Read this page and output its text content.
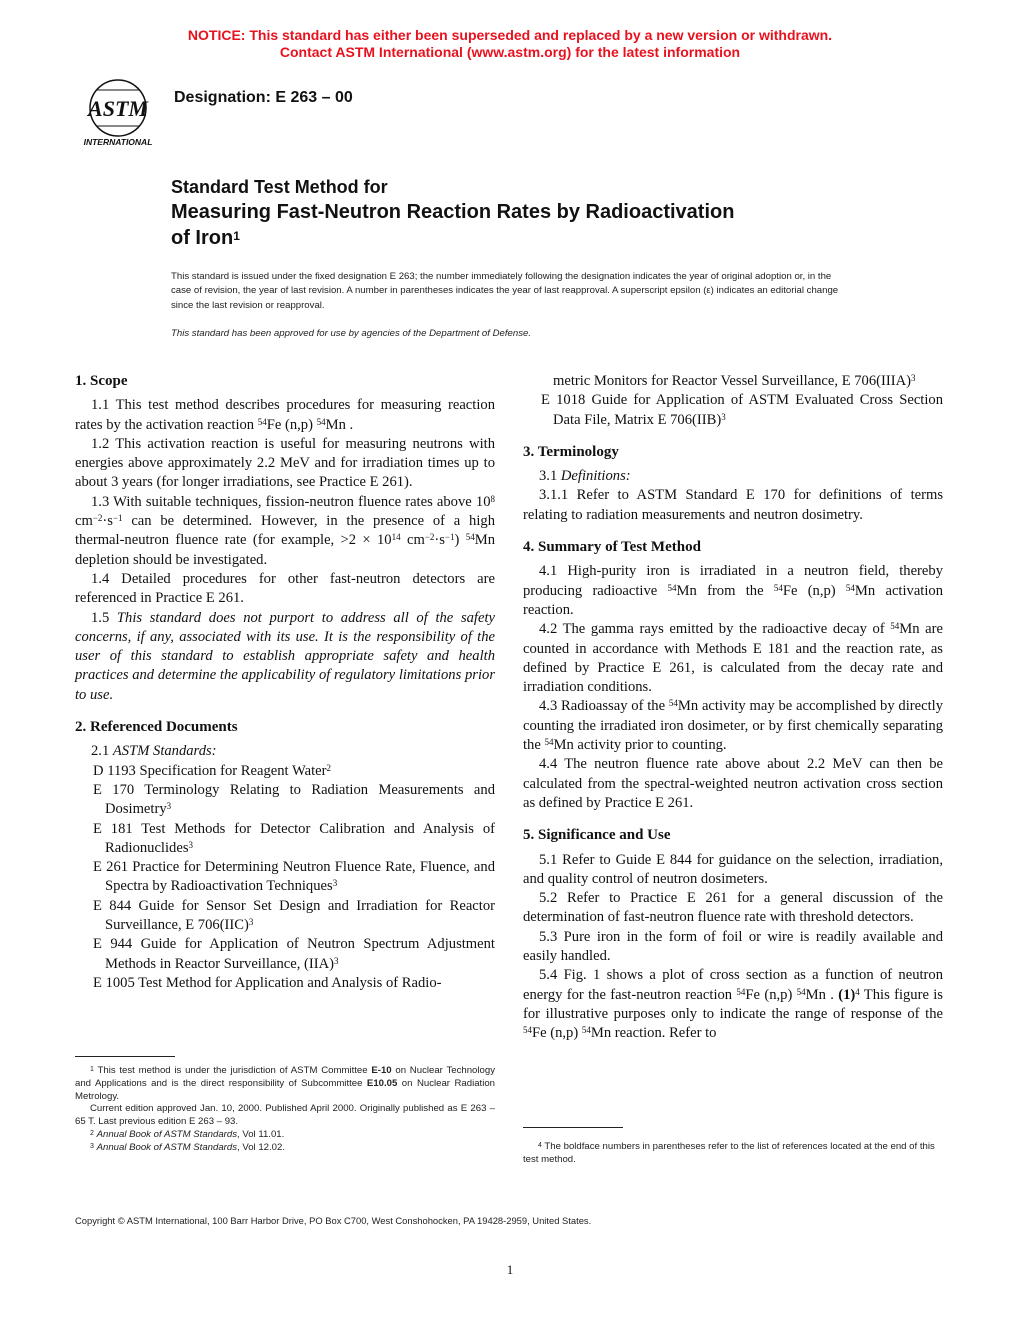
NOTICE: This standard has either been superseded and replaced by a new version or withdrawn.
Contact ASTM International (www.astm.org) for the latest information
ASTM
INTERNATIONAL
Designation: E 263 – 00
Standard Test Method for
Measuring Fast-Neutron Reaction Rates by Radioactivation
of Iron$^1$
This standard is issued under the fixed designation E 263; the number immediately following the designation indicates the year of original adoption or, in the case of revision, the year of last revision. A number in parentheses indicates the year of last reapproval. A superscript epsilon (ε) indicates an editorial change since the last revision or reapproval.
This standard has been approved for use by agencies of the Department of Defense.
1. Scope
1.1 This test method describes procedures for measuring reaction rates by the activation reaction $^{54}$Fe (n,p) $^{54}$Mn .
1.2 This activation reaction is useful for measuring neutrons with energies above approximately 2.2 MeV and for irradiation times up to about 3 years (for longer irradiations, see Practice E 261).
1.3 With suitable techniques, fission-neutron fluence rates above $10^8$ $cm^{-2}\cdot s^{-1}$ can be determined. However, in the presence of a high thermal-neutron fluence rate (for example, $>2 \times 10^{14}$ $cm^{-2}\cdot s^{-1}$) $^{54}$Mn depletion should be investigated.
1.4 Detailed procedures for other fast-neutron detectors are referenced in Practice E 261.
1.5 This standard does not purport to address all of the safety concerns, if any, associated with its use. It is the responsibility of the user of this standard to establish appropriate safety and health practices and determine the applicability of regulatory limitations prior to use.
2. Referenced Documents
2.1 ASTM Standards:
D 1193 Specification for Reagent Water$^2$
E 170 Terminology Relating to Radiation Measurements and Dosimetry$^3$
E 181 Test Methods for Detector Calibration and Analysis of Radionuclides$^3$
E 261 Practice for Determining Neutron Fluence Rate, Fluence, and Spectra by Radioactivation Techniques$^3$
E 844 Guide for Sensor Set Design and Irradiation for Reactor Surveillance, E 706(IIC)$^3$
E 944 Guide for Application of Neutron Spectrum Adjustment Methods in Reactor Surveillance, (IIA)$^3$
E 1005 Test Method for Application and Analysis of Radio-
metric Monitors for Reactor Vessel Surveillance, E 706(IIIA)$^3$
E 1018 Guide for Application of ASTM Evaluated Cross Section Data File, Matrix E 706(IIB)$^3$
3. Terminology
3.1 Definitions:
3.1.1 Refer to ASTM Standard E 170 for definitions of terms relating to radiation measurements and neutron dosimetry.
4. Summary of Test Method
4.1 High-purity iron is irradiated in a neutron field, thereby producing radioactive $^{54}$Mn from the $^{54}$Fe (n,p) $^{54}$Mn activation reaction.
4.2 The gamma rays emitted by the radioactive decay of $^{54}$Mn are counted in accordance with Methods E 181 and the reaction rate, as defined by Practice E 261, is calculated from the decay rate and irradiation conditions.
4.3 Radioassay of the $^{54}$Mn activity may be accomplished by directly counting the irradiated iron dosimeter, or by first chemically separating the $^{54}$Mn activity prior to counting.
4.4 The neutron fluence rate above about 2.2 MeV can then be calculated from the spectral-weighted neutron activation cross section as defined by Practice E 261.
5. Significance and Use
5.1 Refer to Guide E 844 for guidance on the selection, irradiation, and quality control of neutron dosimeters.
5.2 Refer to Practice E 261 for a general discussion of the determination of fast-neutron fluence rate with threshold detectors.
5.3 Pure iron in the form of foil or wire is readily available and easily handled.
5.4 Fig. 1 shows a plot of cross section as a function of neutron energy for the fast-neutron reaction $^{54}$Fe (n,p) $^{54}$Mn . $(1)^4$ This figure is for illustrative purposes only to indicate the range of response of the $^{54}$Fe (n,p) $^{54}$Mn reaction. Refer to
$^1$ This test method is under the jurisdiction of ASTM Committee E-10 on Nuclear Technology and Applications and is the direct responsibility of Subcommittee E10.05 on Nuclear Radiation Metrology.
Current edition approved Jan. 10, 2000. Published April 2000. Originally published as E 263 – 65 T. Last previous edition E 263 – 93.
$^2$ Annual Book of ASTM Standards, Vol 11.01.
$^3$ Annual Book of ASTM Standards, Vol 12.02.	$^4$ The boldface numbers in parentheses refer to the list of references located at the end of this test method.
Copyright © ASTM International, 100 Barr Harbor Drive, PO Box C700, West Conshohocken, PA 19428-2959, United States.
1
